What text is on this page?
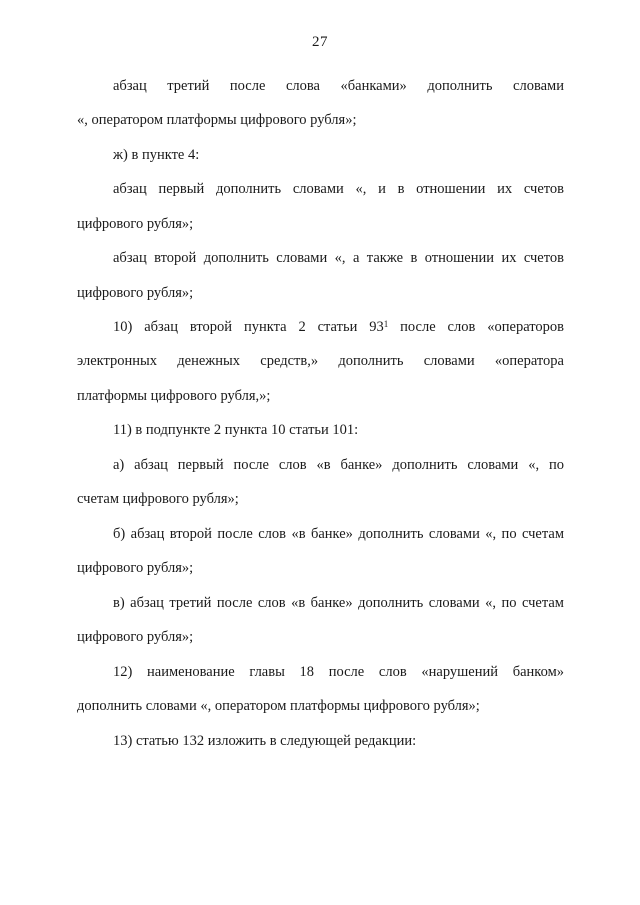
27
абзац третий после слова «банками» дополнить словами
«, оператором платформы цифрового рубля»;
ж) в пункте 4:
абзац первый дополнить словами «, и в отношении их счетов
цифрового рубля»;
абзац второй дополнить словами «, а также в отношении их счетов
цифрового рубля»;
10) абзац второй пункта 2 статьи $93^1$ после слов «операторов
электронных денежных средств,» дополнить словами «оператора
платформы цифрового рубля,»;
11) в подпункте 2 пункта 10 статьи 101:
а) абзац первый после слов «в банке» дополнить словами «, по
счетам цифрового рубля»;
б) абзац второй после слов «в банке» дополнить словами «, по счетам
цифрового рубля»;
в) абзац третий после слов «в банке» дополнить словами «, по счетам
цифрового рубля»;
12) наименование главы 18 после слов «нарушений банком»
дополнить словами «, оператором платформы цифрового рубля»;
13) статью 132 изложить в следующей редакции:
